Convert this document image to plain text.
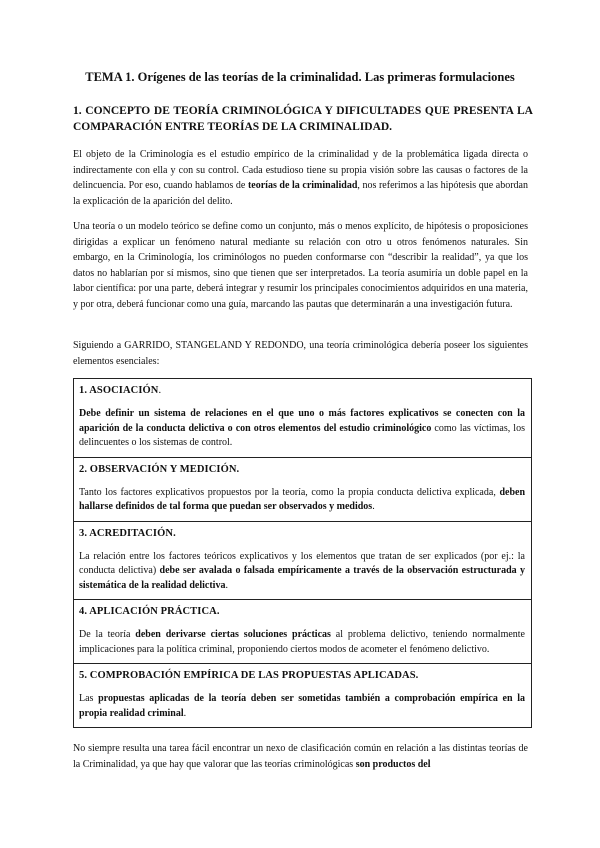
TEMA 1. Orígenes de las teorías de la criminalidad. Las primeras formulaciones
1. CONCEPTO DE TEORÍA CRIMINOLÓGICA Y DIFICULTADES QUE PRESENTA LA COMPARACIÓN ENTRE TEORÍAS DE LA CRIMINALIDAD.
El objeto de la Criminología es el estudio empírico de la criminalidad y de la problemática ligada directa o indirectamente con ella y con su control. Cada estudioso tiene su propia visión sobre las causas o factores de la delincuencia. Por eso, cuando hablamos de teorías de la criminalidad, nos referimos a las hipótesis que abordan la explicación de la aparición del delito.
Una teoría o un modelo teórico se define como un conjunto, más o menos explícito, de hipótesis o proposiciones dirigidas a explicar un fenómeno natural mediante su relación con otro u otros fenómenos naturales. Sin embargo, en la Criminología, los criminólogos no pueden conformarse con “describir la realidad”, ya que los datos no hablarían por sí mismos, sino que tienen que ser interpretados. La teoría asumiría un doble papel en la labor científica: por una parte, deberá integrar y resumir los principales conocimientos adquiridos en una materia, y por otra, deberá funcionar como una guía, marcando las pautas que determinarán a una investigación futura.
Siguiendo a GARRIDO, STANGELAND Y REDONDO, una teoría criminológica debería poseer los siguientes elementos esenciales:
1. ASOCIACIÓN.
Debe definir un sistema de relaciones en el que uno o más factores explicativos se conecten con la aparición de la conducta delictiva o con otros elementos del estudio criminológico como las víctimas, los delincuentes o los sistemas de control.
2. OBSERVACIÓN Y MEDICIÓN.
Tanto los factores explicativos propuestos por la teoría, como la propia conducta delictiva explicada, deben hallarse definidos de tal forma que puedan ser observados y medidos.
3. ACREDITACIÓN.
La relación entre los factores teóricos explicativos y los elementos que tratan de ser explicados (por ej.: la conducta delictiva) debe ser avalada o falsada empíricamente a través de la observación estructurada y sistemática de la realidad delictiva.
4. APLICACIÓN PRÁCTICA.
De la teoría deben derivarse ciertas soluciones prácticas al problema delictivo, teniendo normalmente implicaciones para la política criminal, proponiendo ciertos modos de acometer el fenómeno delictivo.
5. COMPROBACIÓN EMPÍRICA DE LAS PROPUESTAS APLICADAS.
Las propuestas aplicadas de la teoría deben ser sometidas también a comprobación empírica en la propia realidad criminal.
No siempre resulta una tarea fácil encontrar un nexo de clasificación común en relación a las distintas teorías de la Criminalidad, ya que hay que valorar que las teorías criminológicas son productos del
